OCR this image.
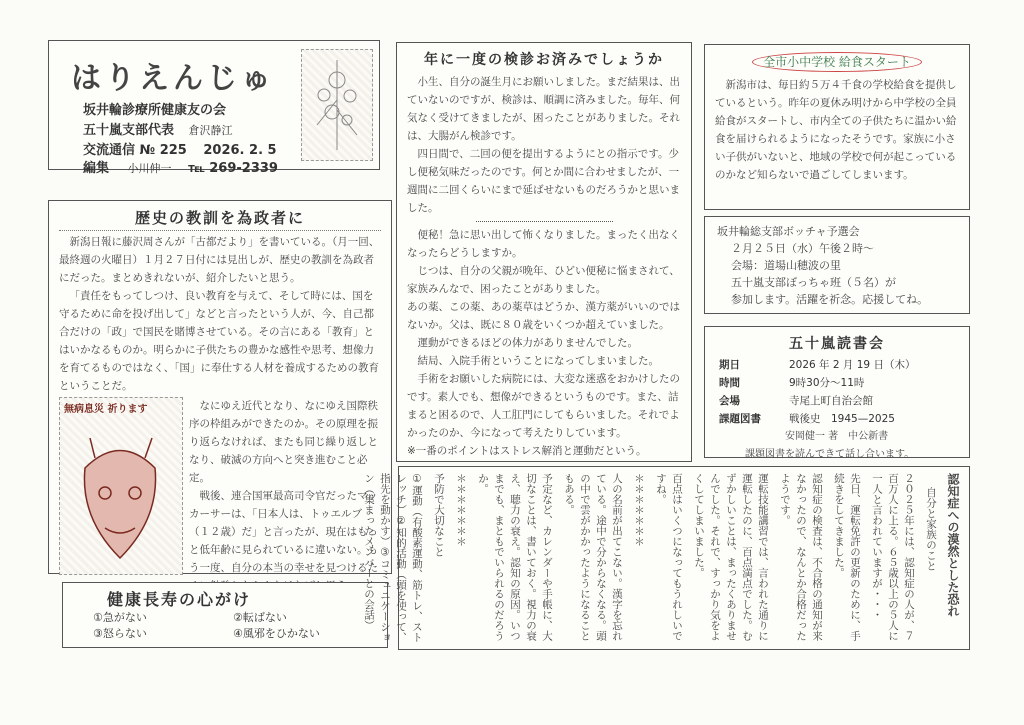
はりえんじゅ
坂井輪診療所健康友の会
五十嵐支部代表 倉沢静江
交流通信 № 225 2026. 2. 5
編集 小川伸一 ℡ 269-2339
歴史の教訓を為政者に

新潟日報に藤沢周さんが「古都だより」を書いている。（月一回、最終週の火曜日）１月２７日付には見出しが、歴史の教訓を為政者にだった。まとめきれないが、紹介したいと思う。

「責任をもってしつけ、良い教育を与えて、そして時には、国を守るために命を投げ出して」などと言ったという人が、今、自己都合だけの「政」で国民を賭博させている。その言にある「教育」とはいかなるものか。明らかに子供たちの豊かな感性や思考、想像力を育てるものではなく、「国」に奉仕する人材を養成するための教育ということだ。

無病息災 祈ります	なにゆえ近代となり、なにゆえ国際秩序の枠組みができたのか。その原理を振り返らなければ、またも同じ繰り返しとなり、破滅の方向へと突き進むこと必定。

戦後、連合国軍最高司令官だったマッカーサーは、「日本人は、トゥエルブ（１２歳）だ」と言ったが、現在はもっと低年齢に見られているに違いない。もう一度、自分の本当の幸せを見つけるた

健康長寿の心がけ
①急がない	②転ばない
③怒らない	④風邪をひかない
年に一度の検診お済みでしょうか

小生、自分の誕生月にお願いしました。まだ結果は、出ていないのですが、検診は、順調に済みました。毎年、何気なく受けてきましたが、困ったことがありました。それは、大腸がん検診です。

四日間で、二回の便を提出するようにとの指示です。少し便秘気味だったのです。何とか間に合わせましたが、一週間に二回くらいにまで延ばせないものだろうかと思いました。

便秘！急に思い出して怖くなりました。まったく出なくなったらどうしますか。

じつは、自分の父親が晩年、ひどい便秘に悩まされて、家族みんなで、困ったことがありました。

あの薬、この薬、あの薬草はどうか、漢方薬がいいのではないか。父は、既に８０歳をいくつか超えていました。

運動ができるほどの体力がありませんでした。

結局、入院手術ということになってしまいました。

手術をお願いした病院には、大変な迷惑をおかけしたのです。素人でも、想像ができるというものです。また、詰まると困るので、人工肛門にしてもらいました。それでよかったのか、今になって考えたりしています。

※一番のポイントはストレス解消と運動だという。

全市小中学校 給食スタート

新潟市は、毎日約５万４千食の学校給食を提供しているという。昨年の夏休み明けから中学校の全員給食がスタートし、市内全ての子供たちに温かい給食を届けられるようになったそうです。家族に小さい子供がいないと、地域の学校で何が起こっているのかなど知らないで過ごしてしまいます。

坂井輪総支部ボッチャ予選会
２月２５日（水）午後２時〜
会場：道場山穂波の里
五十嵐支部ぼっちゃ班（５名）が
参加します。活躍を祈念。応援してね。
五十嵐読書会
期日	2026 年 2 月 19 日（木）
時間	9時30分〜11時
会場	寺尾上町自治会館
課題図書	戦後史　1945—2025
安岡健一 著　中公新書
課題図書を読んできて話し合います。
認知症への漠然とした恐れ
自分と家族のこと
２０２５年には、認知症の人が、７百万人に上る。６５歳以上の５人に一人と言われていますが・・・
先日、運転免許の更新のために、手続きをしてきました。
認知症の検査は、不合格の通知が来なかったので、なんとか合格だったようです。
運転技能講習では、言われた通りに運転したのに、百点満点でした。むずかしいことは、まったくありませんでした。それで、すっかり気をよくしてしまいました。
百点はいくつになってもうれしいですね。
＊＊＊＊＊＊＊
人の名前が出てこない。漢字を忘れている。途中で分からなくなる。頭の中で雲がかかったようになることもある。
予定など、カレンダーや手帳に、大切なことは、書いておく。視力の衰え、聴力の衰え。認知の原因。いつまでも、まともでいられるのだろうか。
＊＊＊＊＊＊＊
予防で大切なこと
①運動（有酸素運動、筋トレ、ストレッチ）②知的活動（頭を使って、指先を動かす）③コミュニケーション（集まったメンバーとの会話）
